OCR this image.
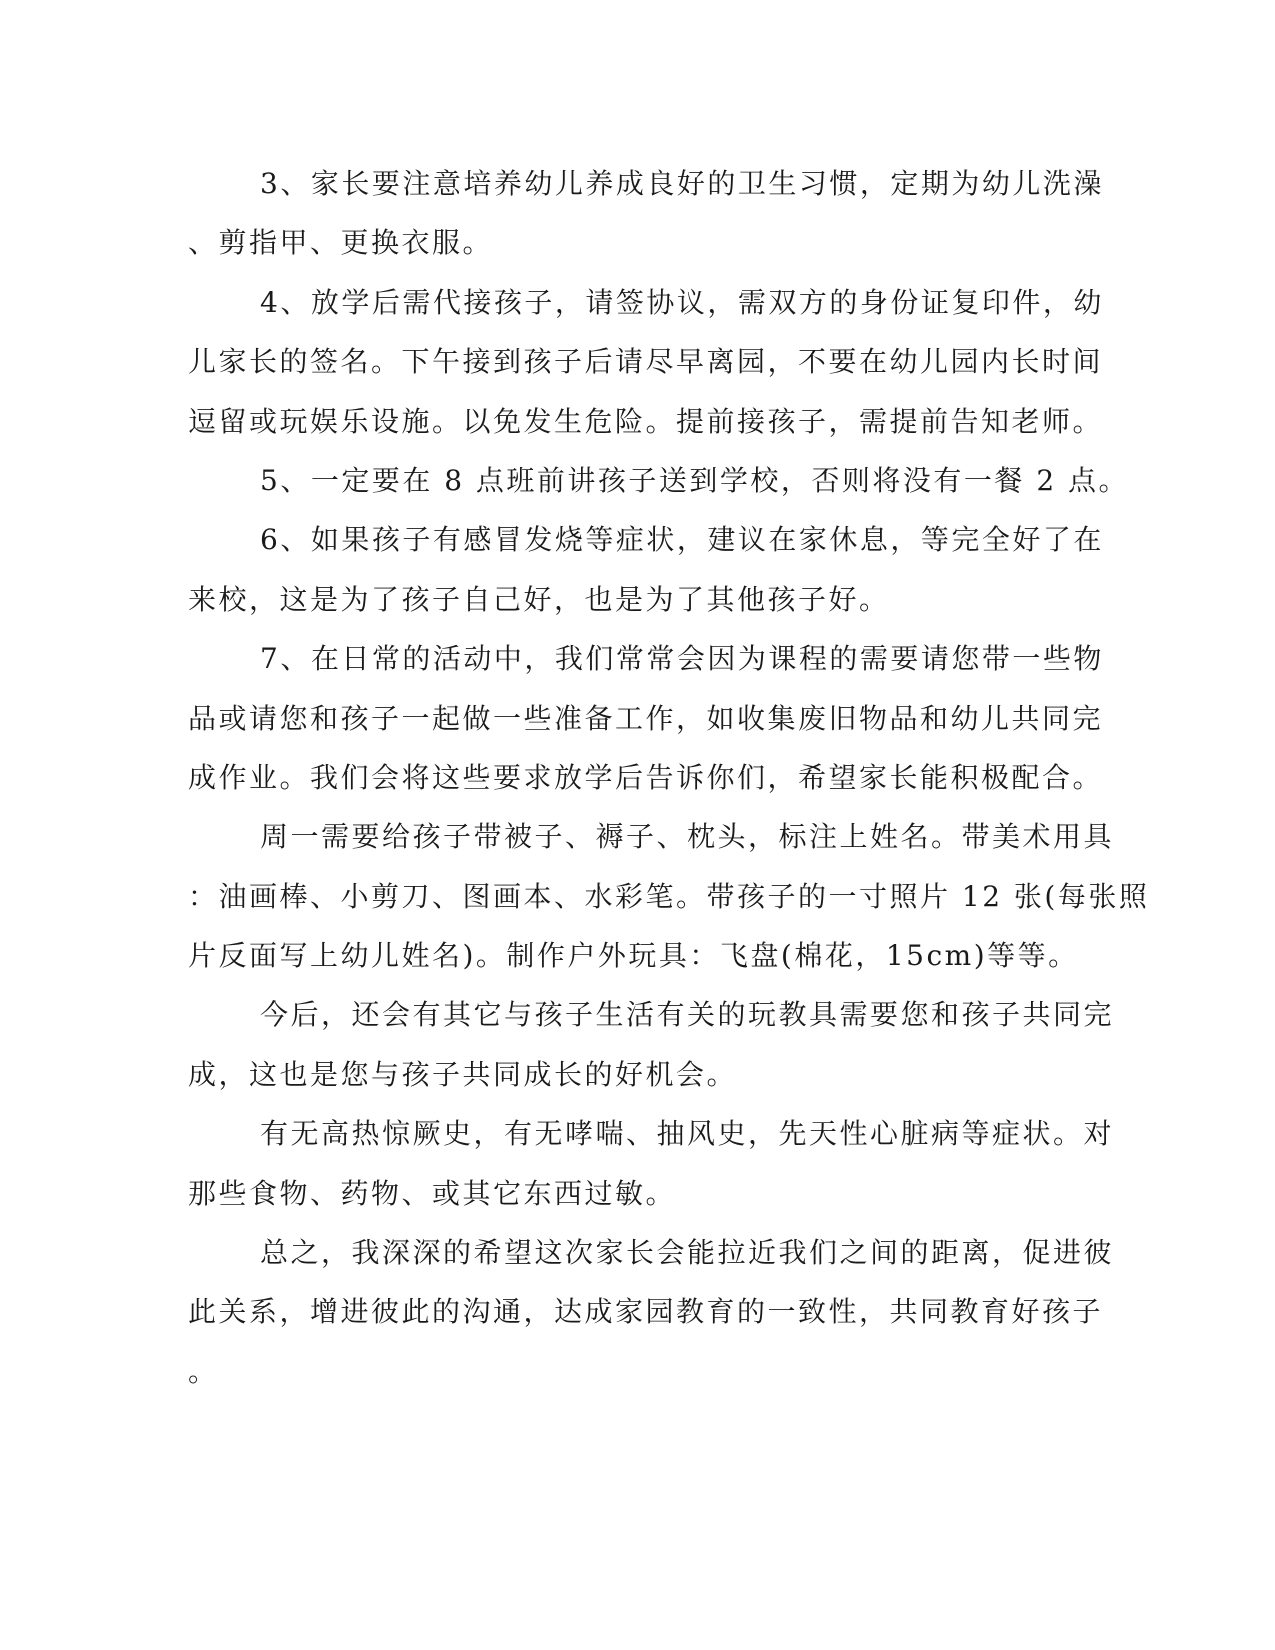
3、家长要注意培养幼儿养成良好的卫生习惯，定期为幼儿洗澡
、剪指甲、更换衣服。
4、放学后需代接孩子，请签协议，需双方的身份证复印件，幼
儿家长的签名。下午接到孩子后请尽早离园，不要在幼儿园内长时间
逗留或玩娱乐设施。以免发生危险。提前接孩子，需提前告知老师。
5、一定要在 8 点班前讲孩子送到学校，否则将没有一餐 2 点。
6、如果孩子有感冒发烧等症状，建议在家休息，等完全好了在
来校，这是为了孩子自己好，也是为了其他孩子好。
7、在日常的活动中，我们常常会因为课程的需要请您带一些物
品或请您和孩子一起做一些准备工作，如收集废旧物品和幼儿共同完
成作业。我们会将这些要求放学后告诉你们，希望家长能积极配合。
周一需要给孩子带被子、褥子、枕头，标注上姓名。带美术用具
：油画棒、小剪刀、图画本、水彩笔。带孩子的一寸照片 12 张(每张照
片反面写上幼儿姓名)。制作户外玩具：飞盘(棉花，15cm)等等。
今后，还会有其它与孩子生活有关的玩教具需要您和孩子共同完
成，这也是您与孩子共同成长的好机会。
有无高热惊厥史，有无哮喘、抽风史，先天性心脏病等症状。对
那些食物、药物、或其它东西过敏。
总之，我深深的希望这次家长会能拉近我们之间的距离，促进彼
此关系，增进彼此的沟通，达成家园教育的一致性，共同教育好孩子
。
